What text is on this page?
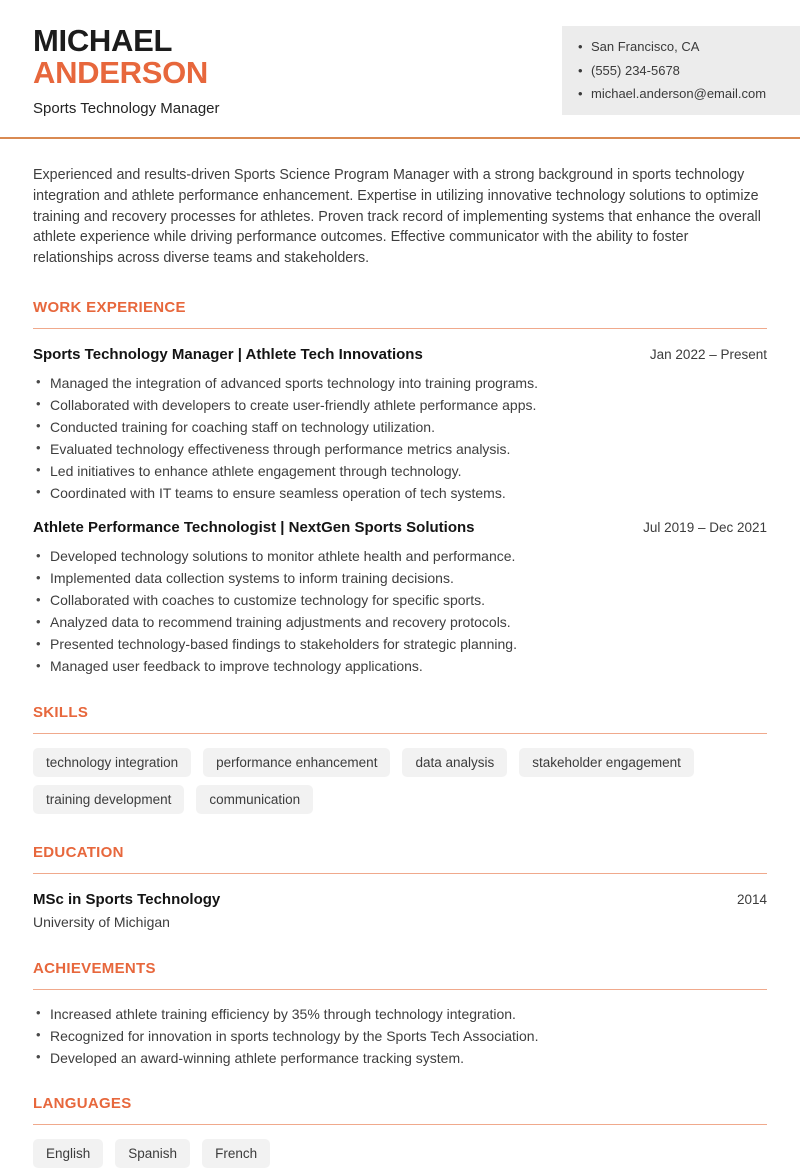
MICHAEL
ANDERSON
Sports Technology Manager
• San Francisco, CA
• (555) 234-5678
• michael.anderson@email.com

Experienced and results-driven Sports Science Program Manager with a strong background in sports technology integration and athlete performance enhancement. Expertise in utilizing innovative technology solutions to optimize training and recovery processes for athletes. Proven track record of implementing systems that enhance the overall athlete experience while driving performance outcomes. Effective communicator with the ability to foster relationships across diverse teams and stakeholders.

WORK EXPERIENCE
Sports Technology Manager | Athlete Tech Innovations	Jan 2022 – Present
• Managed the integration of advanced sports technology into training programs.
• Collaborated with developers to create user-friendly athlete performance apps.
• Conducted training for coaching staff on technology utilization.
• Evaluated technology effectiveness through performance metrics analysis.
• Led initiatives to enhance athlete engagement through technology.
• Coordinated with IT teams to ensure seamless operation of tech systems.
Athlete Performance Technologist | NextGen Sports Solutions	Jul 2019 – Dec 2021
• Developed technology solutions to monitor athlete health and performance.
• Implemented data collection systems to inform training decisions.
• Collaborated with coaches to customize technology for specific sports.
• Analyzed data to recommend training adjustments and recovery protocols.
• Presented technology-based findings to stakeholders for strategic planning.
• Managed user feedback to improve technology applications.
SKILLS
technology integration	performance enhancement	data analysis	stakeholder engagement
training development	communication
EDUCATION
MSc in Sports Technology	2014
University of Michigan
ACHIEVEMENTS
• Increased athlete training efficiency by 35% through technology integration.
• Recognized for innovation in sports technology by the Sports Tech Association.
• Developed an award-winning athlete performance tracking system.
LANGUAGES
English	Spanish	French
